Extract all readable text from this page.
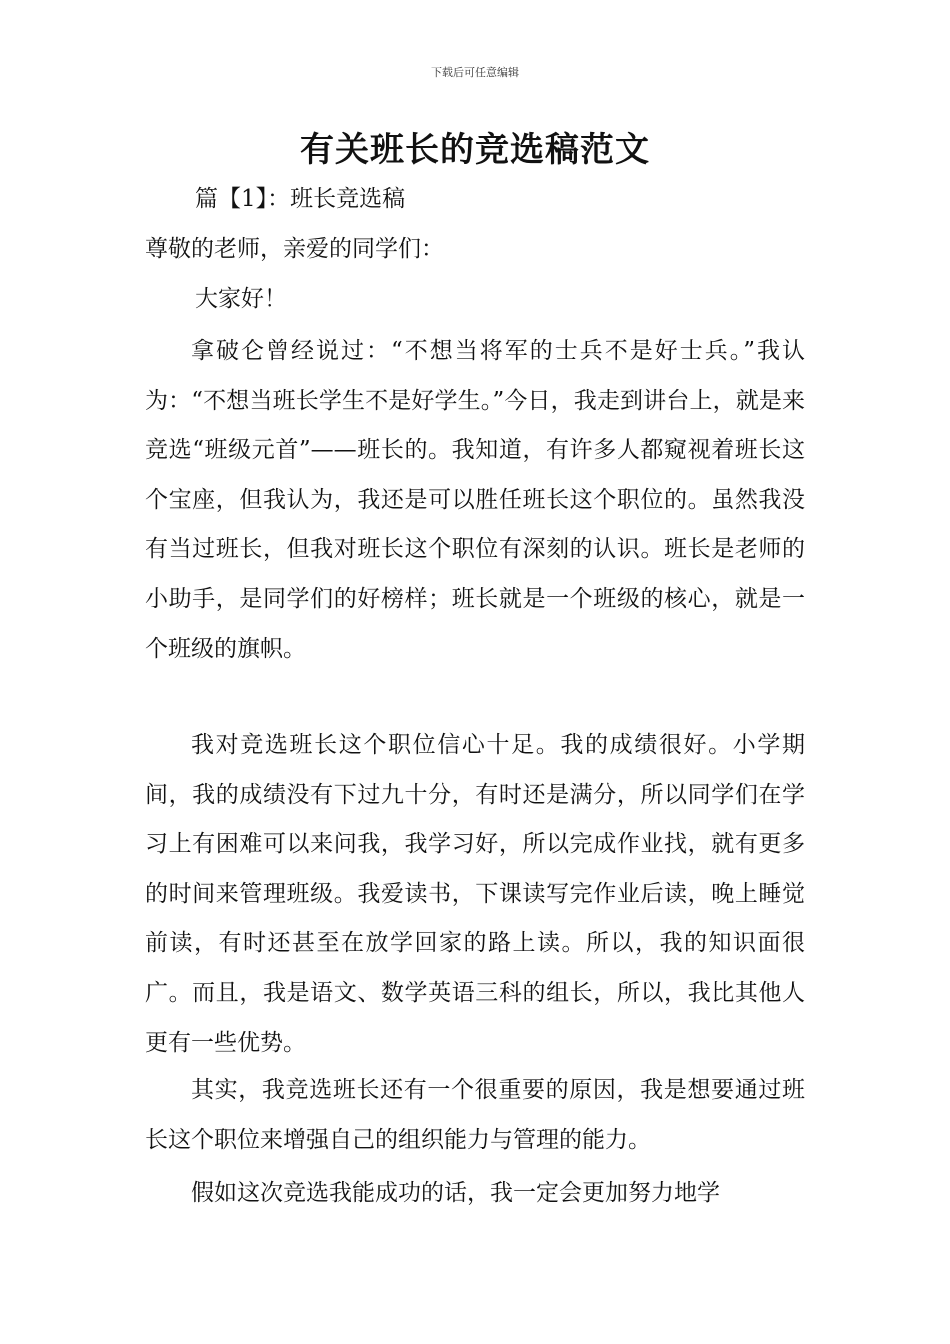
下载后可任意编辑
有关班长的竞选稿范文
篇【1】：班长竞选稿
尊敬的老师，亲爱的同学们：
大家好！

拿破仑曾经说过：“不想当将军的士兵不是好士兵。”我认为：“不想当班长学生不是好学生。”今日，我走到讲台上，就是来竞选“班级元首”——班长的。我知道，有许多人都窥视着班长这个宝座，但我认为，我还是可以胜任班长这个职位的。虽然我没有当过班长，但我对班长这个职位有深刻的认识。班长是老师的小助手，是同学们的好榜样；班长就是一个班级的核心，就是一个班级的旗帜。

我对竞选班长这个职位信心十足。我的成绩很好。小学期间，我的成绩没有下过九十分，有时还是满分，所以同学们在学习上有困难可以来问我，我学习好，所以完成作业找，就有更多的时间来管理班级。我爱读书，下课读写完作业后读，晚上睡觉前读，有时还甚至在放学回家的路上读。所以，我的知识面很广。而且，我是语文、数学英语三科的组长，所以，我比其他人更有一些优势。

其实，我竞选班长还有一个很重要的原因，我是想要通过班长这个职位来增强自己的组织能力与管理的能力。

假如这次竞选我能成功的话，我一定会更加努力地学
